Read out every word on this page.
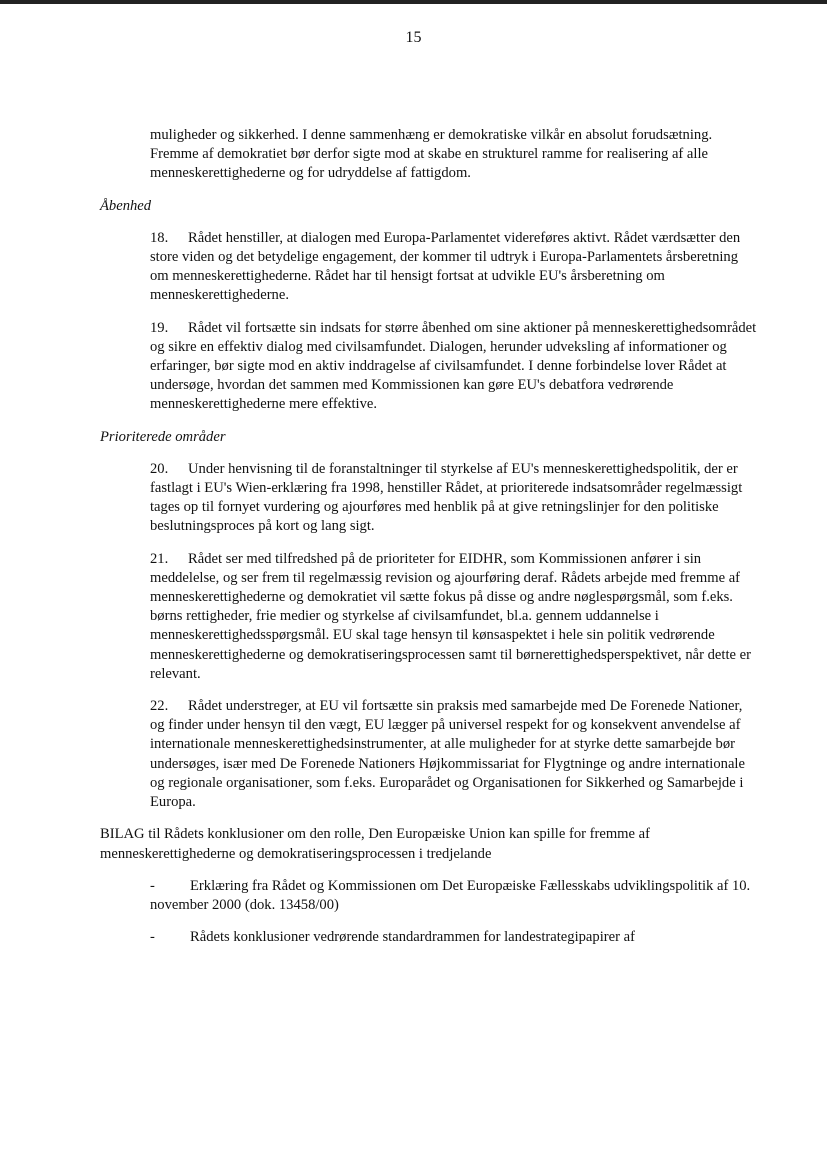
15

muligheder og sikkerhed. I denne sammenhæng er demokratiske vilkår en absolut forudsætning. Fremme af demokratiet bør derfor sigte mod at skabe en strukturel ramme for realisering af alle menneskerettighederne og for udryddelse af fattigdom.

Åbenhed

18. Rådet henstiller, at dialogen med Europa-Parlamentet videreføres aktivt. Rådet værdsætter den store viden og det betydelige engagement, der kommer til udtryk i Europa-Parlamentets årsberetning om menneskerettighederne. Rådet har til hensigt fortsat at udvikle EU's årsberetning om menneskerettighederne.

19. Rådet vil fortsætte sin indsats for større åbenhed om sine aktioner på menneskerettighedsområdet og sikre en effektiv dialog med civilsamfundet. Dialogen, herunder udveksling af informationer og erfaringer, bør sigte mod en aktiv inddragelse af civilsamfundet. I denne forbindelse lover Rådet at undersøge, hvordan det sammen med Kommissionen kan gøre EU's debatfora vedrørende menneskerettighederne mere effektive.

Prioriterede områder

20. Under henvisning til de foranstaltninger til styrkelse af EU's menneskerettighedspolitik, der er fastlagt i EU's Wien-erklæring fra 1998, henstiller Rådet, at prioriterede indsatsområder regelmæssigt tages op til fornyet vurdering og ajourføres med henblik på at give retningslinjer for den politiske beslutningsproces på kort og lang sigt.

21. Rådet ser med tilfredshed på de prioriteter for EIDHR, som Kommissionen anfører i sin meddelelse, og ser frem til regelmæssig revision og ajourføring deraf. Rådets arbejde med fremme af menneskerettighederne og demokratiet vil sætte fokus på disse og andre nøglespørgsmål, som f.eks. børns rettigheder, frie medier og styrkelse af civilsamfundet, bl.a. gennem uddannelse i menneskerettighedsspørgsmål. EU skal tage hensyn til kønsaspektet i hele sin politik vedrørende menneskerettighederne og demokratiseringsprocessen samt til børnerettighedsperspektivet, når dette er relevant.

22. Rådet understreger, at EU vil fortsætte sin praksis med samarbejde med De Forenede Nationer, og finder under hensyn til den vægt, EU lægger på universel respekt for og konsekvent anvendelse af internationale menneskerettighedsinstrumenter, at alle muligheder for at styrke dette samarbejde bør undersøges, især med De Forenede Nationers Højkommissariat for Flygtninge og andre internationale og regionale organisationer, som f.eks. Europarådet og Organisationen for Sikkerhed og Samarbejde i Europa.

BILAG til Rådets konklusioner om den rolle, Den Europæiske Union kan spille for fremme af menneskerettighederne og demokratiseringsprocessen i tredjelande

- Erklæring fra Rådet og Kommissionen om Det Europæiske Fællesskabs udviklingspolitik af 10. november 2000 (dok. 13458/00)

- Rådets konklusioner vedrørende standardrammen for landestrategipapirer af
